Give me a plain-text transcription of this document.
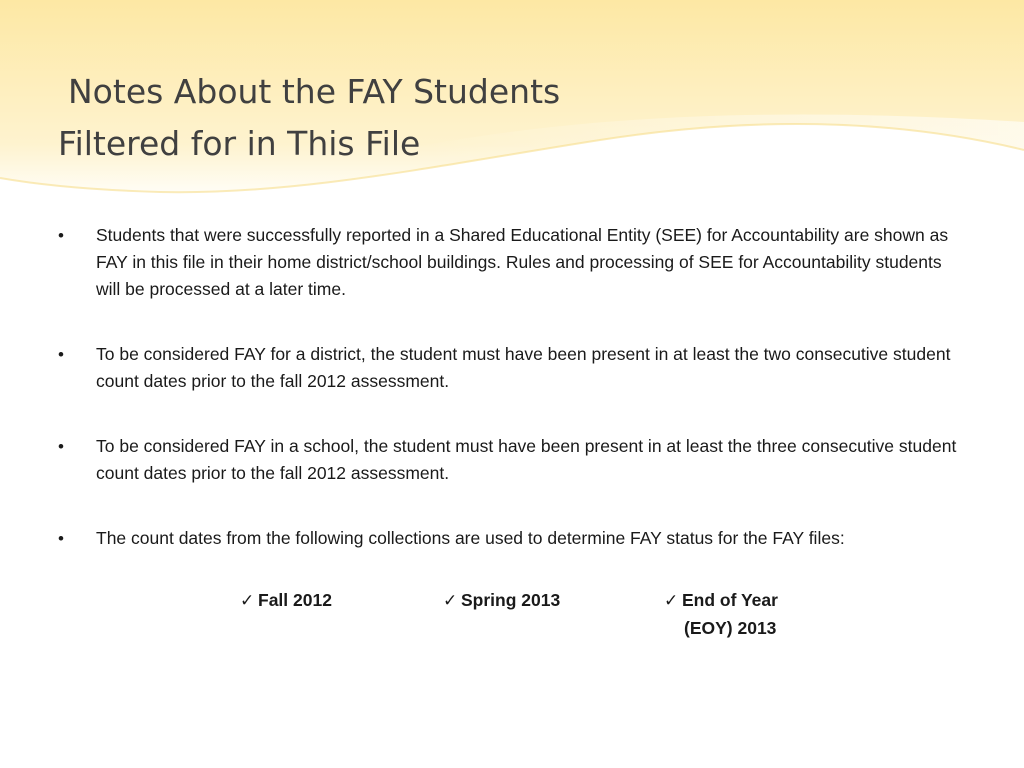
Notes About the FAY Students
Filtered for in This File
•	Students that were successfully reported in a Shared Educational Entity (SEE) for Accountability are shown as FAY in this file in their home district/school buildings. Rules and processing of SEE for Accountability students will be processed at a later time.
•	To be considered FAY for a district, the student must have been present in at least the two consecutive student count dates prior to the fall 2012 assessment.
•	To be considered FAY in a school, the student must have been present in at least the three consecutive student count dates prior to the fall 2012 assessment.
•	The count dates from the following collections are used to determine FAY status for the FAY files:
✓ Fall 2012	✓ Spring 2013	✓ End of Year
(EOY) 2013
